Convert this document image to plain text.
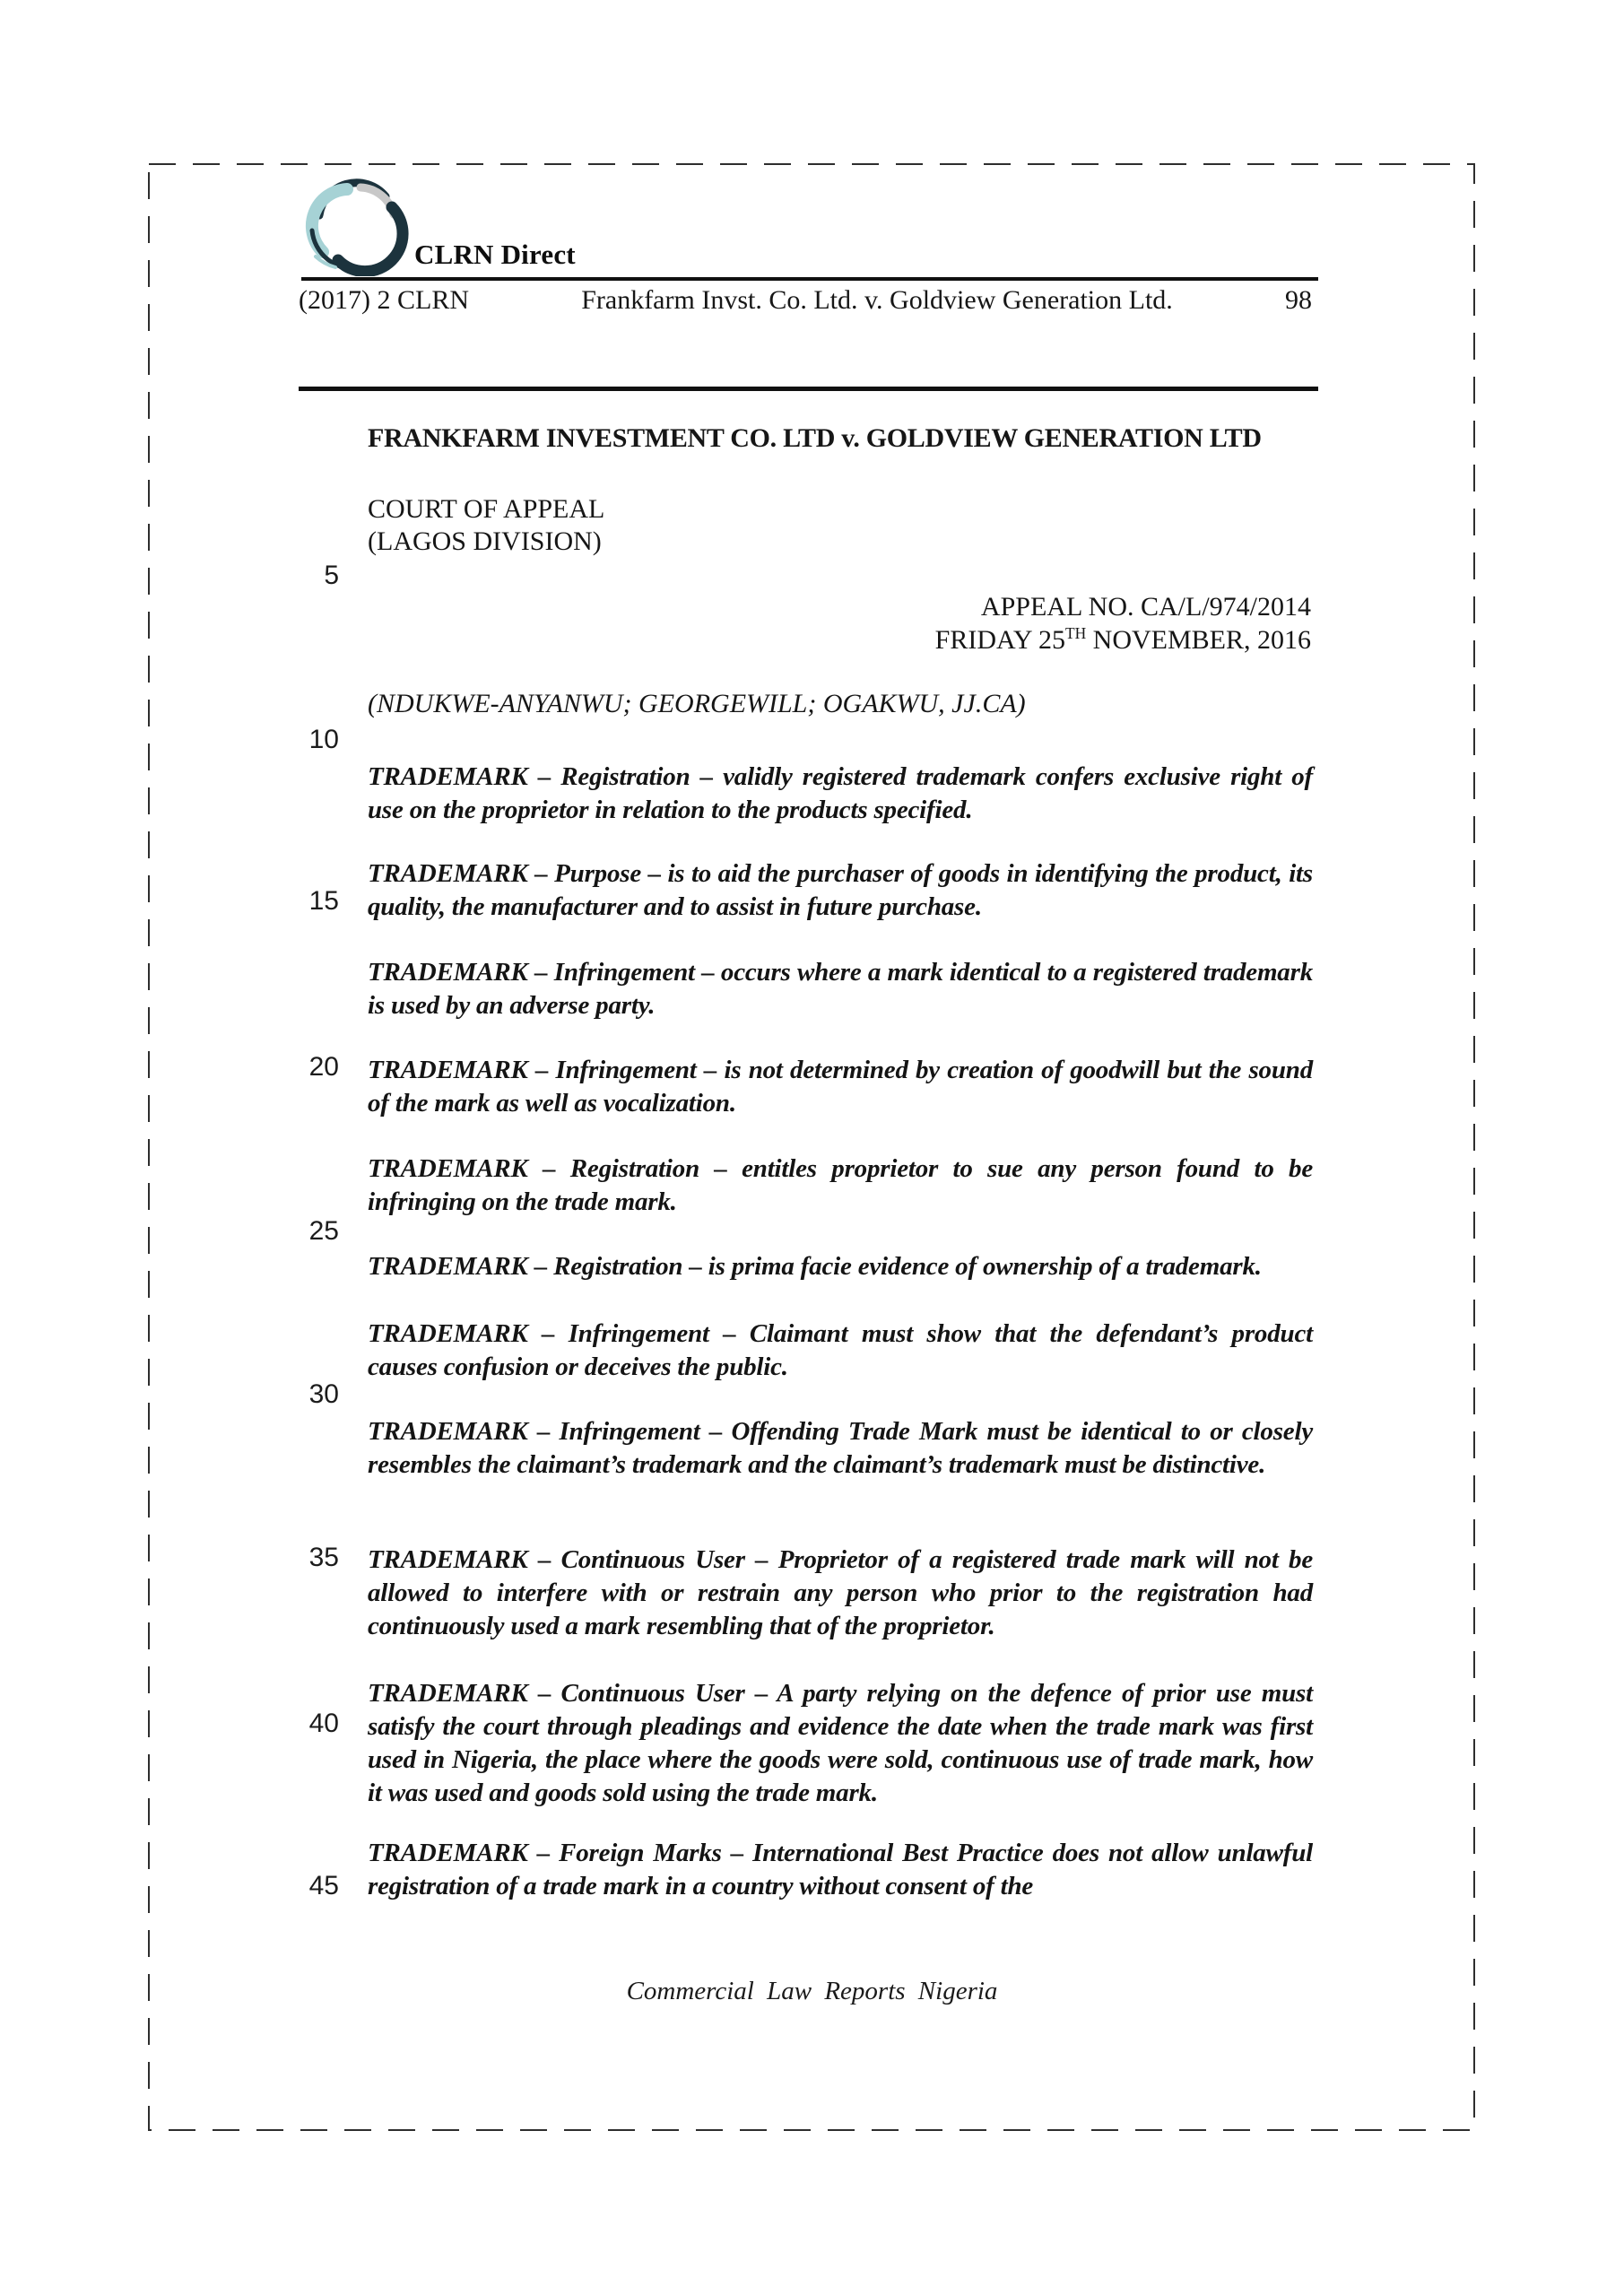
CLRN Direct
(2017) 2 CLRN	Frankfarm Invst. Co. Ltd. v. Goldview Generation Ltd.	98
FRANKFARM INVESTMENT CO. LTD v. GOLDVIEW GENERATION LTD
COURT OF APPEAL
(LAGOS DIVISION)
APPEAL NO. CA/L/974/2014
FRIDAY 25TH NOVEMBER, 2016
(NDUKWE-ANYANWU; GEORGEWILL; OGAKWU, JJ.CA)
5
10
15
20
25
30
35
40
45
TRADEMARK – Registration – validly registered trademark confers exclusive right of use on the proprietor in relation to the products specified.
TRADEMARK – Purpose – is to aid the purchaser of goods in identifying the product, its quality, the manufacturer and to assist in future purchase.
TRADEMARK – Infringement – occurs where a mark identical to a registered trademark is used by an adverse party.
TRADEMARK – Infringement – is not determined by creation of goodwill but the sound of the mark as well as vocalization.
TRADEMARK – Registration – entitles proprietor to sue any person found to be infringing on the trade mark.
TRADEMARK – Registration – is prima facie evidence of ownership of a trademark.
TRADEMARK – Infringement – Claimant must show that the defendant’s product causes confusion or deceives the public.
TRADEMARK – Infringement – Offending Trade Mark must be identical to or closely resembles the claimant’s trademark and the claimant’s trademark must be distinctive.
TRADEMARK – Continuous User – Proprietor of a registered trade mark will not be allowed to interfere with or restrain any person who prior to the registration had continuously used a mark resembling that of the proprietor.
TRADEMARK – Continuous User – A party relying on the defence of prior use must satisfy the court through pleadings and evidence the date when the trade mark was first used in Nigeria, the place where the goods were sold, continuous use of trade mark, how it was used and goods sold using the trade mark.
TRADEMARK – Foreign Marks – International Best Practice does not allow unlawful registration of a trade mark in a country without consent of the
Commercial Law Reports Nigeria
